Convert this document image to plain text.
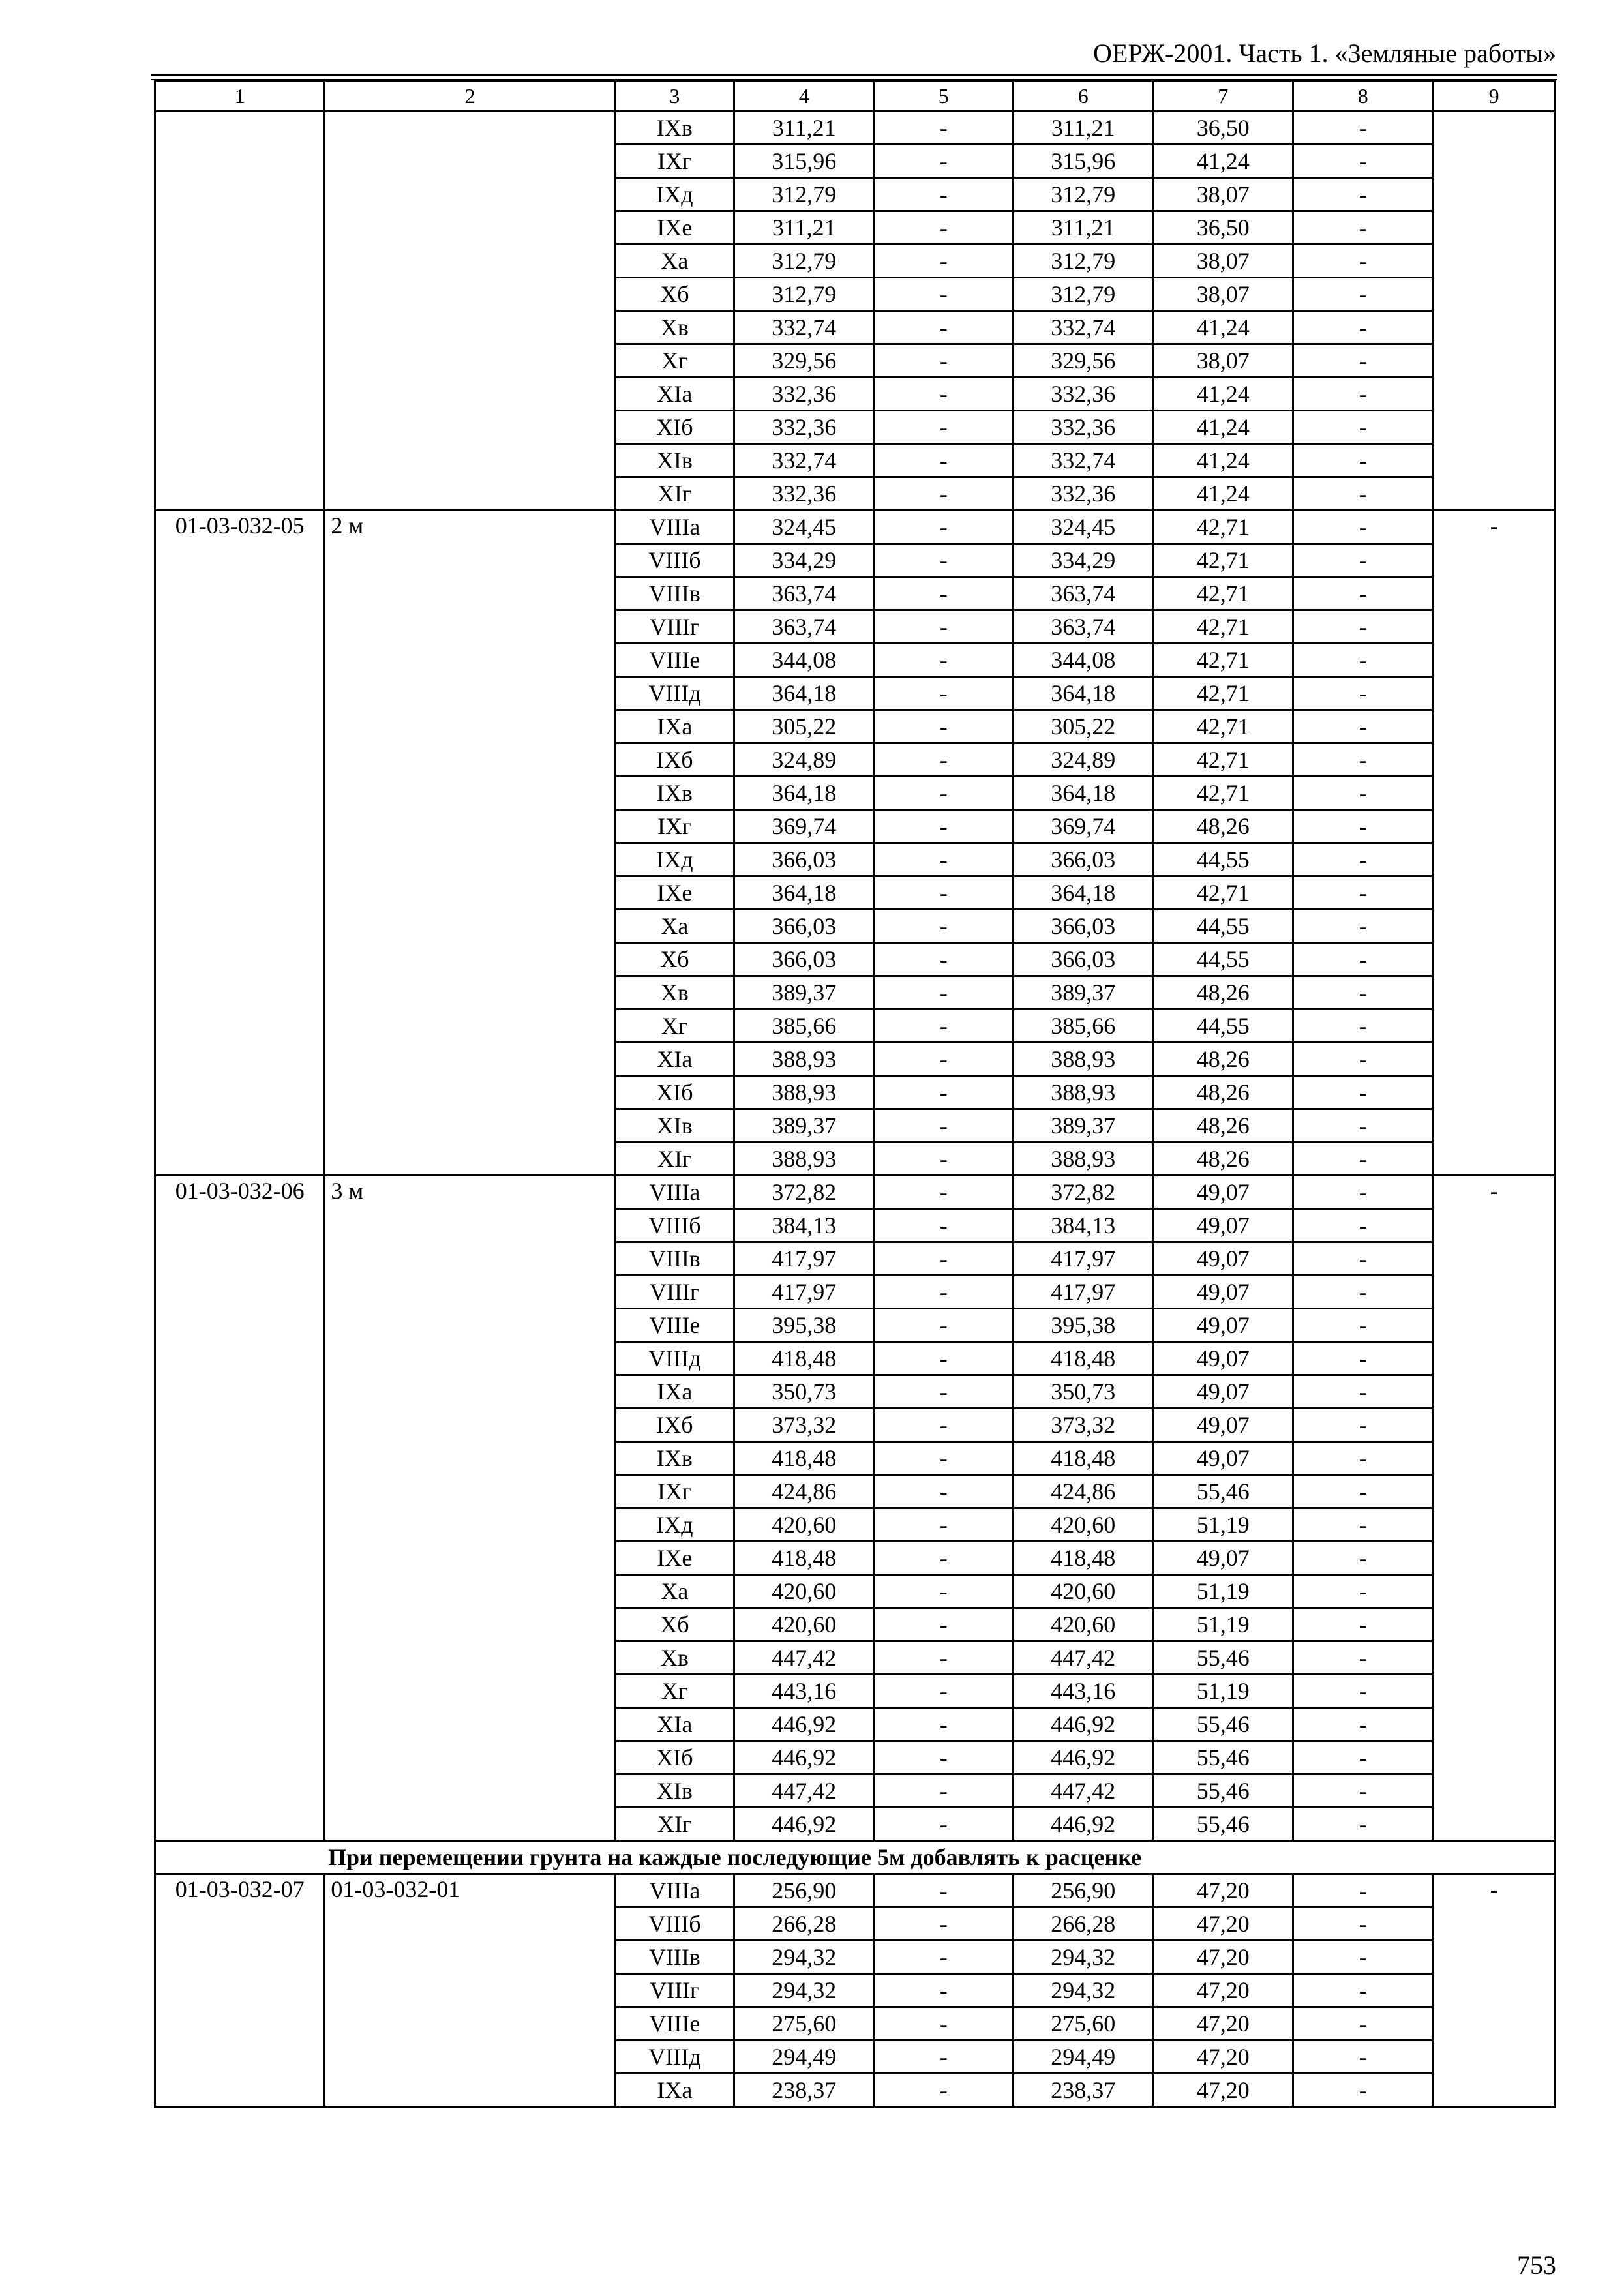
ОЕРЖ-2001. Часть 1. «Земляные работы»
1	2	3	4	5	6	7	8	9
		IXв	311,21	-	311,21	36,50	-	
		IXг	315,96	-	315,96	41,24	-	
		IXд	312,79	-	312,79	38,07	-	
		IXе	311,21	-	311,21	36,50	-	
		Xа	312,79	-	312,79	38,07	-	
		Xб	312,79	-	312,79	38,07	-	
		Xв	332,74	-	332,74	41,24	-	
		Xг	329,56	-	329,56	38,07	-	
		XIа	332,36	-	332,36	41,24	-	
		XIб	332,36	-	332,36	41,24	-	
		XIв	332,74	-	332,74	41,24	-	
		XIг	332,36	-	332,36	41,24	-	
01-03-032-05	2 м	VIIIа	324,45	-	324,45	42,71	-	-
		VIIIб	334,29	-	334,29	42,71	-	
		VIIIв	363,74	-	363,74	42,71	-	
		VIIIг	363,74	-	363,74	42,71	-	
		VIIIе	344,08	-	344,08	42,71	-	
		VIIIд	364,18	-	364,18	42,71	-	
		IXа	305,22	-	305,22	42,71	-	
		IXб	324,89	-	324,89	42,71	-	
		IXв	364,18	-	364,18	42,71	-	
		IXг	369,74	-	369,74	48,26	-	
		IXд	366,03	-	366,03	44,55	-	
		IXе	364,18	-	364,18	42,71	-	
		Xа	366,03	-	366,03	44,55	-	
		Xб	366,03	-	366,03	44,55	-	
		Xв	389,37	-	389,37	48,26	-	
		Xг	385,66	-	385,66	44,55	-	
		XIа	388,93	-	388,93	48,26	-	
		XIб	388,93	-	388,93	48,26	-	
		XIв	389,37	-	389,37	48,26	-	
		XIг	388,93	-	388,93	48,26	-	
01-03-032-06	3 м	VIIIа	372,82	-	372,82	49,07	-	-
		VIIIб	384,13	-	384,13	49,07	-	
		VIIIв	417,97	-	417,97	49,07	-	
		VIIIг	417,97	-	417,97	49,07	-	
		VIIIе	395,38	-	395,38	49,07	-	
		VIIIд	418,48	-	418,48	49,07	-	
		IXа	350,73	-	350,73	49,07	-	
		IXб	373,32	-	373,32	49,07	-	
		IXв	418,48	-	418,48	49,07	-	
		IXг	424,86	-	424,86	55,46	-	
		IXд	420,60	-	420,60	51,19	-	
		IXе	418,48	-	418,48	49,07	-	
		Xа	420,60	-	420,60	51,19	-	
		Xб	420,60	-	420,60	51,19	-	
		Xв	447,42	-	447,42	55,46	-	
		Xг	443,16	-	443,16	51,19	-	
		XIа	446,92	-	446,92	55,46	-	
		XIб	446,92	-	446,92	55,46	-	
		XIв	447,42	-	447,42	55,46	-	
		XIг	446,92	-	446,92	55,46	-	
При перемещении грунта на каждые последующие 5м добавлять к расценке								
01-03-032-07	01-03-032-01	VIIIа	256,90	-	256,90	47,20	-	-
		VIIIб	266,28	-	266,28	47,20	-	
		VIIIв	294,32	-	294,32	47,20	-	
		VIIIг	294,32	-	294,32	47,20	-	
		VIIIе	275,60	-	275,60	47,20	-	
		VIIIд	294,49	-	294,49	47,20	-	
		IXа	238,37	-	238,37	47,20	-	
753
